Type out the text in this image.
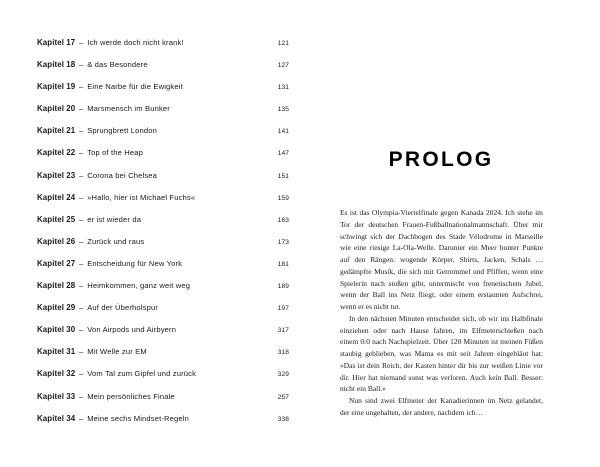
Kapitel 17 – Ich werde doch nicht krank!	121
Kapitel 18 – & das Besondere	127
Kapitel 19 – Eine Narbe für die Ewigkeit	131
Kapitel 20 – Marsmensch im Bunker	135
Kapitel 21 – Sprungbrett London	141
Kapitel 22 – Top of the Heap	147
Kapitel 23 – Corona bei Chelsea	151
Kapitel 24 – »Hallo, hier ist Michael Fuchs«	159
Kapitel 25 – er ist wieder da	163
Kapitel 26 – Zurück und raus	173
Kapitel 27 – Entscheidung für New York	181
Kapitel 28 – Heimkommen, ganz weit weg	189
Kapitel 29 – Auf der Überholspur	197
Kapitel 30 – Von Airpods und Airbyern	317
Kapitel 31 – Mit Welle zur EM	318
Kapitel 32 – Vom Tal zum Gipfel und zurück	329
Kapitel 33 – Mein persönliches Finale	257
Kapitel 34 – Meine sechs Mindset-Regeln	338
PROLOG

Es ist das Olympia-Viertelfinale gegen Kanada 2024. Ich stehe im Tor der deutschen Frauen-Fußballnationalmannschaft. Über mir schwingt sich der Dachbogen des Stade Vélodrome in Marseille wie eine riesige La-Ola-Welle. Darunter ein Meer bunter Punkte auf den Rängen: wogende Körper, Shirts, Jacken, Schals … gedämpfte Musik, die sich mit Getrommel und Pfiffen, wenn eine Spielerin nach stoßen gibt, untermischt von frenetischem Jubel, wenn der Ball ins Netz fliegt, oder einem erstaunten Aufschrei, wenn er es nicht tut.

In den nächsten Minuten entscheidet sich, ob wir ins Halbfinale einziehen oder nach Hause fahren, im Elfmeterschießen nach einem 0:0 nach Nachspielzeit. Über 120 Minuten ist meinen Füßen staubig geblieben, was Mama es mit seit Jahren eingebläut hat: »Das ist dein Reich, der Kasten hinter dir bis zur weißen Linie vor dir. Hier hat niemand sonst was verloren. Auch kein Ball. Besser: nicht ein Ball.«

Nun sind zwei Elfmeter der Kanadierinnen im Netz gelandet, der eine ungehalten, der andere, nachdem ich…
